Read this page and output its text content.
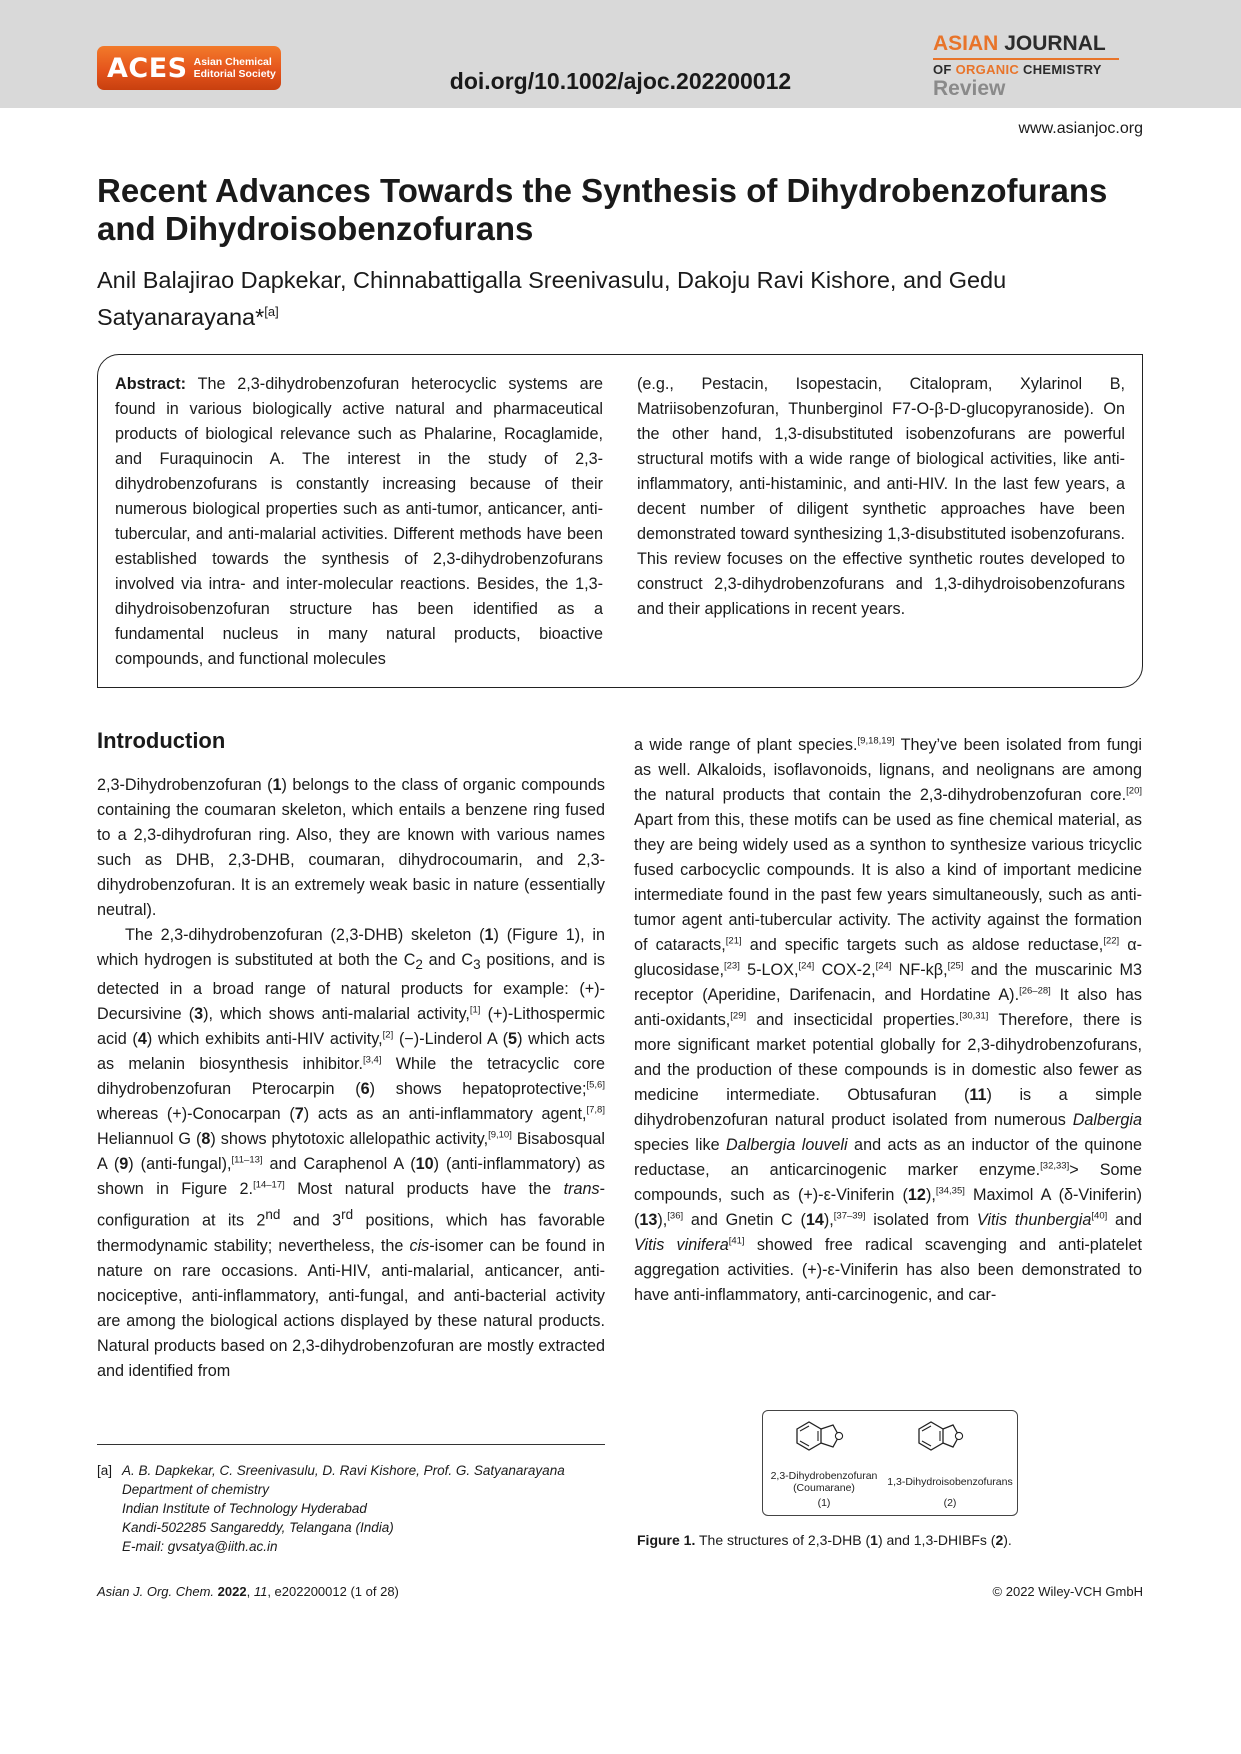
ACES Asian Chemical
Editorial Society	doi.org/10.1002/ajoc.202200012
ASIAN JOURNAL
OF ORGANIC CHEMISTRY
Review
www.asianjoc.org
Recent Advances Towards the Synthesis of Dihydrobenzofurans
and Dihydroisobenzofurans
Anil Balajirao Dapkekar, Chinnabattigalla Sreenivasulu, Dakoju Ravi Kishore, and Gedu Satyanarayana*[a]
Abstract: The 2,3-dihydrobenzofuran heterocyclic systems are found in various biologically active natural and pharmaceutical products of biological relevance such as Phalarine, Rocaglamide, and Furaquinocin A. The interest in the study of 2,3-dihydrobenzofurans is constantly increasing because of their numerous biological properties such as anti-tumor, anticancer, anti-tubercular, and anti-malarial activities. Different methods have been established towards the synthesis of 2,3-dihydrobenzofurans involved via intra- and inter-molecular reactions. Besides, the 1,3-dihydroisobenzofuran structure has been identified as a fundamental nucleus in many natural products, bioactive compounds, and functional molecules
(e.g., Pestacin, Isopestacin, Citalopram, Xylarinol B, Matriisobenzofuran, Thunberginol F7-O-β-D-glucopyranoside). On the other hand, 1,3-disubstituted isobenzofurans are powerful structural motifs with a wide range of biological activities, like anti-inflammatory, anti-histaminic, and anti-HIV. In the last few years, a decent number of diligent synthetic approaches have been demonstrated toward synthesizing 1,3-disubstituted isobenzofurans. This review focuses on the effective synthetic routes developed to construct 2,3-dihydrobenzofurans and 1,3-dihydroisobenzofurans and their applications in recent years.
Introduction

2,3-Dihydrobenzofuran (1) belongs to the class of organic compounds containing the coumaran skeleton, which entails a benzene ring fused to a 2,3-dihydrofuran ring. Also, they are known with various names such as DHB, 2,3-DHB, coumaran, dihydrocoumarin, and 2,3-dihydrobenzofuran. It is an extremely weak basic in nature (essentially neutral).

The 2,3-dihydrobenzofuran (2,3-DHB) skeleton (1) (Figure 1), in which hydrogen is substituted at both the $C_2$ and $C_3$ positions, and is detected in a broad range of natural products for example: (+)-Decursivine (3), which shows anti-malarial activity,[1] (+)-Lithospermic acid (4) which exhibits anti-HIV activity,[2] (−)-Linderol A (5) which acts as melanin biosynthesis inhibitor.[3,4] While the tetracyclic core dihydrobenzofuran Pterocarpin (6) shows hepatoprotective;[5,6] whereas (+)-Conocarpan (7) acts as an anti-inflammatory agent,[7,8] Heliannuol G (8) shows phytotoxic allelopathic activity,[9,10] Bisabosqual A (9) (anti-fungal),[11–13] and Caraphenol A (10) (anti-inflammatory) as shown in Figure 2.[14–17] Most natural products have the trans-configuration at its 2nd and 3rd positions, which has favorable thermodynamic stability; nevertheless, the cis-isomer can be found in nature on rare occasions. Anti-HIV, anti-malarial, anticancer, anti-nociceptive, anti-inflammatory, anti-fungal, and anti-bacterial activity are among the biological actions displayed by these natural products. Natural products based on 2,3-dihydrobenzofuran are mostly extracted and identified from

a wide range of plant species.[9,18,19] They’ve been isolated from fungi as well. Alkaloids, isoflavonoids, lignans, and neolignans are among the natural products that contain the 2,3-dihydrobenzofuran core.[20] Apart from this, these motifs can be used as fine chemical material, as they are being widely used as a synthon to synthesize various tricyclic fused carbocyclic compounds. It is also a kind of important medicine intermediate found in the past few years simultaneously, such as anti-tumor agent anti-tubercular activity. The activity against the formation of cataracts,[21] and specific targets such as aldose reductase,[22] α-glucosidase,[23] 5-LOX,[24] COX-2,[24] NF-kβ,[25] and the muscarinic M3 receptor (Aperidine, Darifenacin, and Hordatine A).[26–28] It also has anti-oxidants,[29] and insecticidal properties.[30,31] Therefore, there is more significant market potential globally for 2,3-dihydrobenzofurans, and the production of these compounds is in domestic also fewer as medicine intermediate. Obtusafuran (11) is a simple dihydrobenzofuran natural product isolated from numerous Dalbergia species like Dalbergia louveli and acts as an inductor of the quinone reductase, an anticarcinogenic marker enzyme.[32,33]> Some compounds, such as (+)-ε-Viniferin (12),[34,35] Maximol A (δ-Viniferin) (13),[36] and Gnetin C (14),[37–39] isolated from Vitis thunbergia[40] and Vitis vinifera[41] showed free radical scavenging and anti-platelet aggregation activities. (+)-ε-Viniferin has also been demonstrated to have anti-inflammatory, anti-carcinogenic, and car-

[a] A. B. Dapkekar, C. Sreenivasulu, D. Ravi Kishore, Prof. G. Satyanarayana
Department of chemistry
Indian Institute of Technology Hyderabad
Kandi-502285 Sangareddy, Telangana (India)
E-mail: gvsatya@iith.ac.in
2,3-Dihydrobenzofuran
(Coumarane)
(1)
1,3-Dihydroisobenzofurans
(2)
Figure 1. The structures of 2,3-DHB (1) and 1,3-DHIBFs (2).
Asian J. Org. Chem. 2022, 11, e202200012 (1 of 28)	© 2022 Wiley-VCH GmbH
